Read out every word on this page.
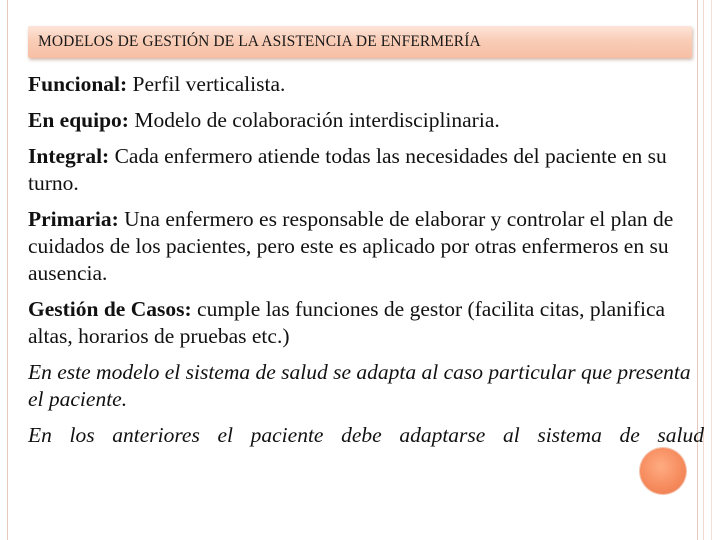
MODELOS DE GESTIÓN DE LA ASISTENCIA DE ENFERMERÍA

Funcional: Perfil verticalista.

En equipo: Modelo de colaboración interdisciplinaria.

Integral: Cada enfermero atiende todas las necesidades del paciente en su turno.

Primaria: Una enfermero es responsable de elaborar y controlar el plan de cuidados de los pacientes, pero este es aplicado por otras enfermeros en su ausencia.

Gestión de Casos: cumple las funciones de gestor (facilita citas, planifica altas, horarios de pruebas etc.)

En este modelo el sistema de salud se adapta al caso particular que presenta el paciente.

En los anteriores el paciente debe adaptarse al sistema de salud
